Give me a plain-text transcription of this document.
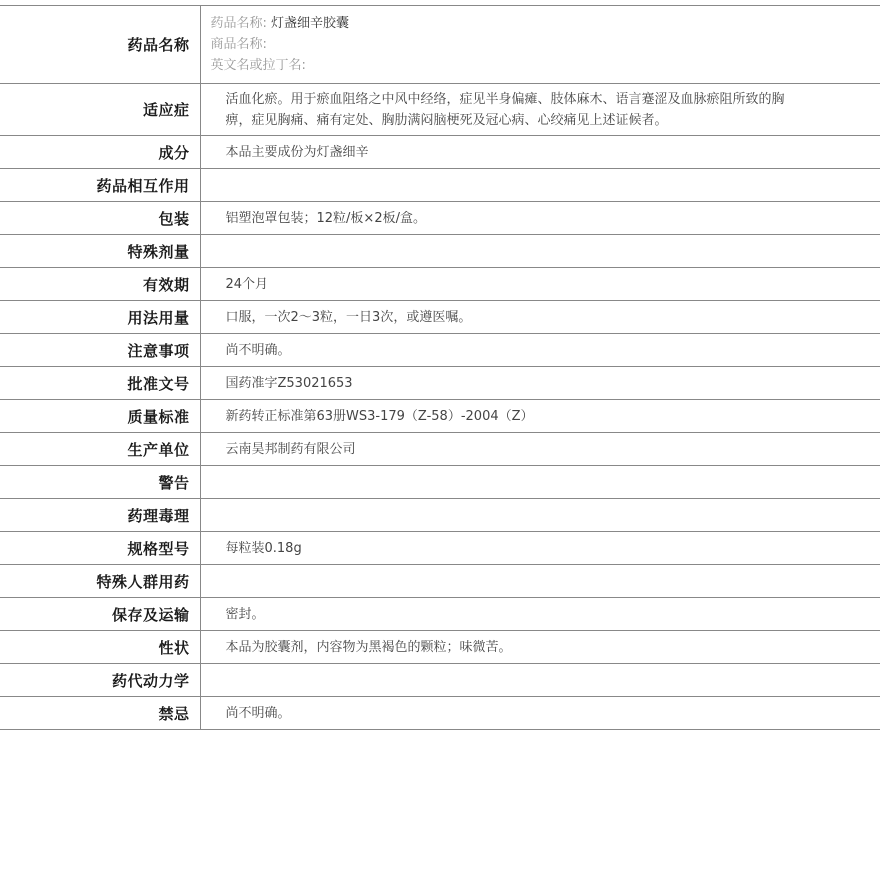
药品名称	药品名称: 灯盏细辛胶囊
商品名称:
英文名或拉丁名:

适应症	活血化瘀。用于瘀血阻络之中风中经络，症见半身偏瘫、肢体麻木、语言蹇涩及血脉瘀阻所致的胸痹，症见胸痛、痛有定处、胸肋满闷脑梗死及冠心病、心绞痛见上述证候者。

成分	本品主要成份为灯盏细辛
药品相互作用	
包装	铝塑泡罩包装；12粒/板×2板/盒。
特殊剂量	
有效期	24个月
用法用量	口服，一次2～3粒，一日3次，或遵医嘱。
注意事项	尚不明确。
批准文号	国药准字Z53021653
质量标准	新药转正标准第63册WS3-179（Z-58）-2004（Z）
生产单位	云南昊邦制药有限公司
警告	
药理毒理	
规格型号	每粒装0.18g
特殊人群用药	
保存及运输	密封。
性状	本品为胶囊剂，内容物为黑褐色的颗粒；味微苦。
药代动力学	
禁忌	尚不明确。
